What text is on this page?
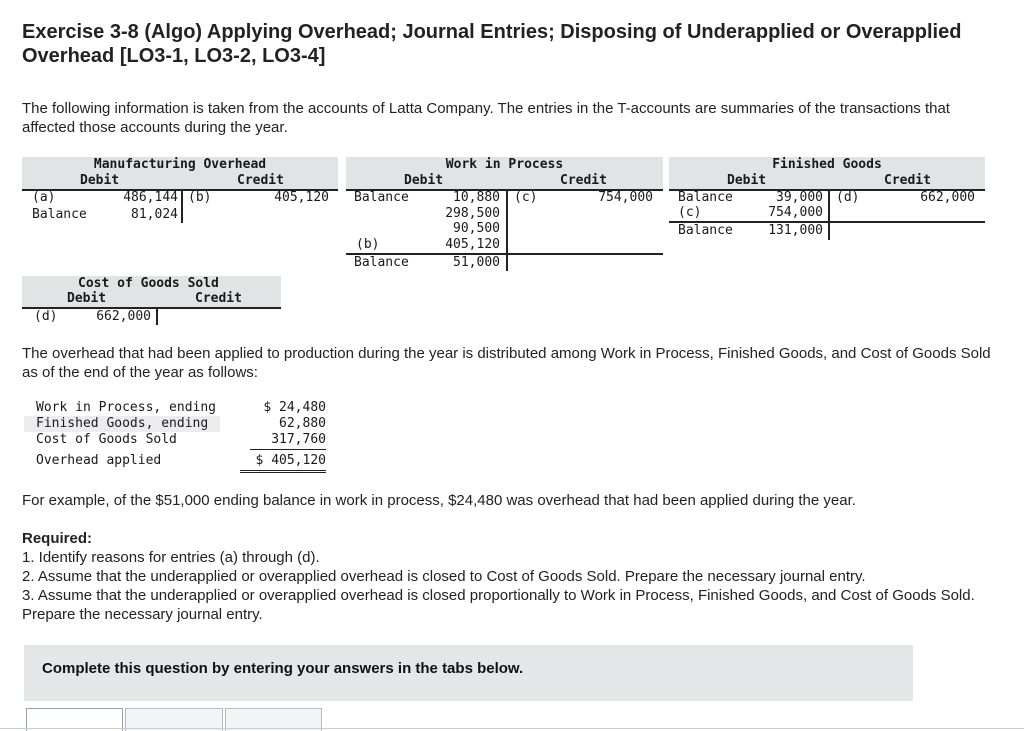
Exercise 3-8 (Algo) Applying Overhead; Journal Entries; Disposing of Underapplied or Overapplied Overhead [LO3-1, LO3-2, LO3-4]
The following information is taken from the accounts of Latta Company. The entries in the T-accounts are summaries of the transactions that affected those accounts during the year.
Manufacturing Overhead
Debit	Credit
(a)	486,144 (b)	405,120
Balance	81,024
Work in Process
Debit	Credit
Balance	10,880 (c)	754,000
298,500
90,500
(b)	405,120
Balance	51,000
Finished Goods
Debit	Credit
Balance	39,000 (d)	662,000
(c)	754,000
Balance	131,000
Cost of Goods Sold
Debit	Credit
(d)	662,000
The overhead that had been applied to production during the year is distributed among Work in Process, Finished Goods, and Cost of Goods Sold as of the end of the year as follows:
Work in Process, ending	$ 24,480
Finished Goods, ending	62,880
Cost of Goods Sold	317,760
Overhead applied	$ 405,120
For example, of the $51,000 ending balance in work in process, $24,480 was overhead that had been applied during the year.
Required:
1. Identify reasons for entries (a) through (d).
2. Assume that the underapplied or overapplied overhead is closed to Cost of Goods Sold. Prepare the necessary journal entry.
3. Assume that the underapplied or overapplied overhead is closed proportionally to Work in Process, Finished Goods, and Cost of Goods Sold. Prepare the necessary journal entry.
Complete this question by entering your answers in the tabs below.
